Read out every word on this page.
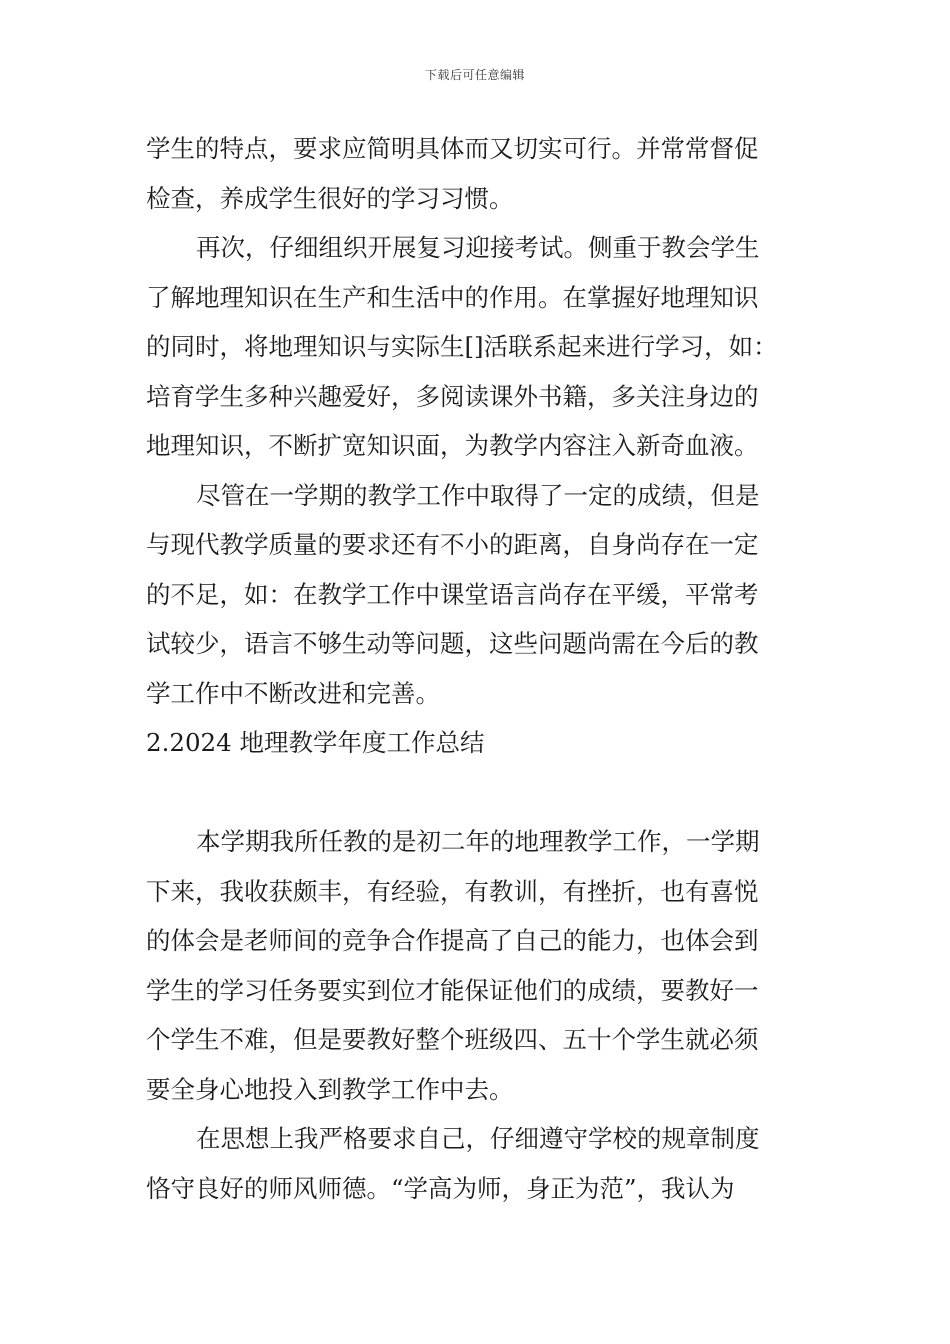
下载后可任意编辑
学生的特点，要求应简明具体而又切实可行。并常常督促
检查，养成学生很好的学习习惯。
再次，仔细组织开展复习迎接考试。侧重于教会学生
了解地理知识在生产和生活中的作用。在掌握好地理知识
的同时，将地理知识与实际生[]活联系起来进行学习，如：
培育学生多种兴趣爱好，多阅读课外书籍，多关注身边的
地理知识，不断扩宽知识面，为教学内容注入新奇血液。
尽管在一学期的教学工作中取得了一定的成绩，但是
与现代教学质量的要求还有不小的距离，自身尚存在一定
的不足，如：在教学工作中课堂语言尚存在平缓，平常考
试较少，语言不够生动等问题，这些问题尚需在今后的教
学工作中不断改进和完善。
2.2024 地理教学年度工作总结
本学期我所任教的是初二年的地理教学工作，一学期
下来，我收获颇丰，有经验，有教训，有挫折，也有喜悦
的体会是老师间的竞争合作提高了自己的能力，也体会到
学生的学习任务要实到位才能保证他们的成绩，要教好一
个学生不难，但是要教好整个班级四、五十个学生就必须
要全身心地投入到教学工作中去。
在思想上我严格要求自己，仔细遵守学校的规章制度
恪守良好的师风师德。“学高为师，身正为范”，我认为
